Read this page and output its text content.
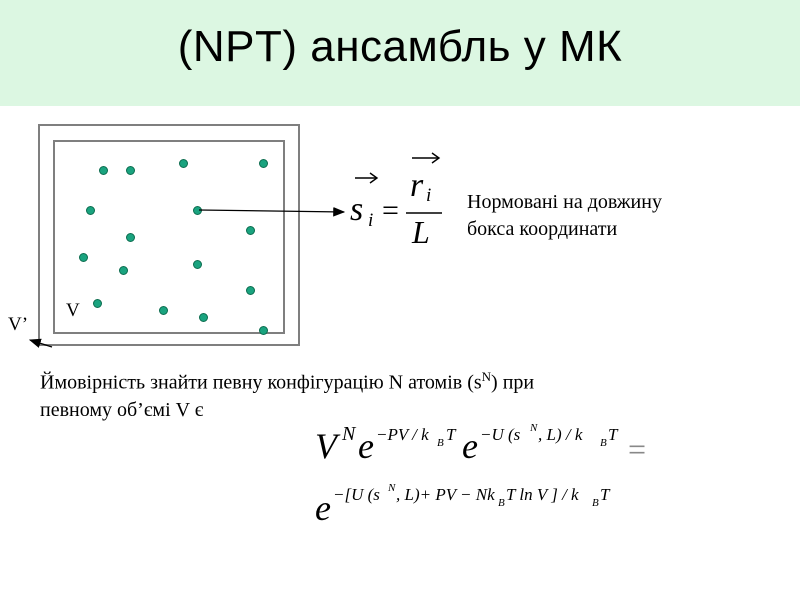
(NPT) ансамбль у МК
V
V’
s i =
r i
L
V N e −PV / k B T e −U (s N , L) / k B T =
e −[U (s N , L)+ PV − Nk B T ln V ] / k B T
Нормовані на довжину
бокса координати
Ймовірність знайти певну конфігурацію N атомів $(s^N)$ при
певному об’ємі V є
